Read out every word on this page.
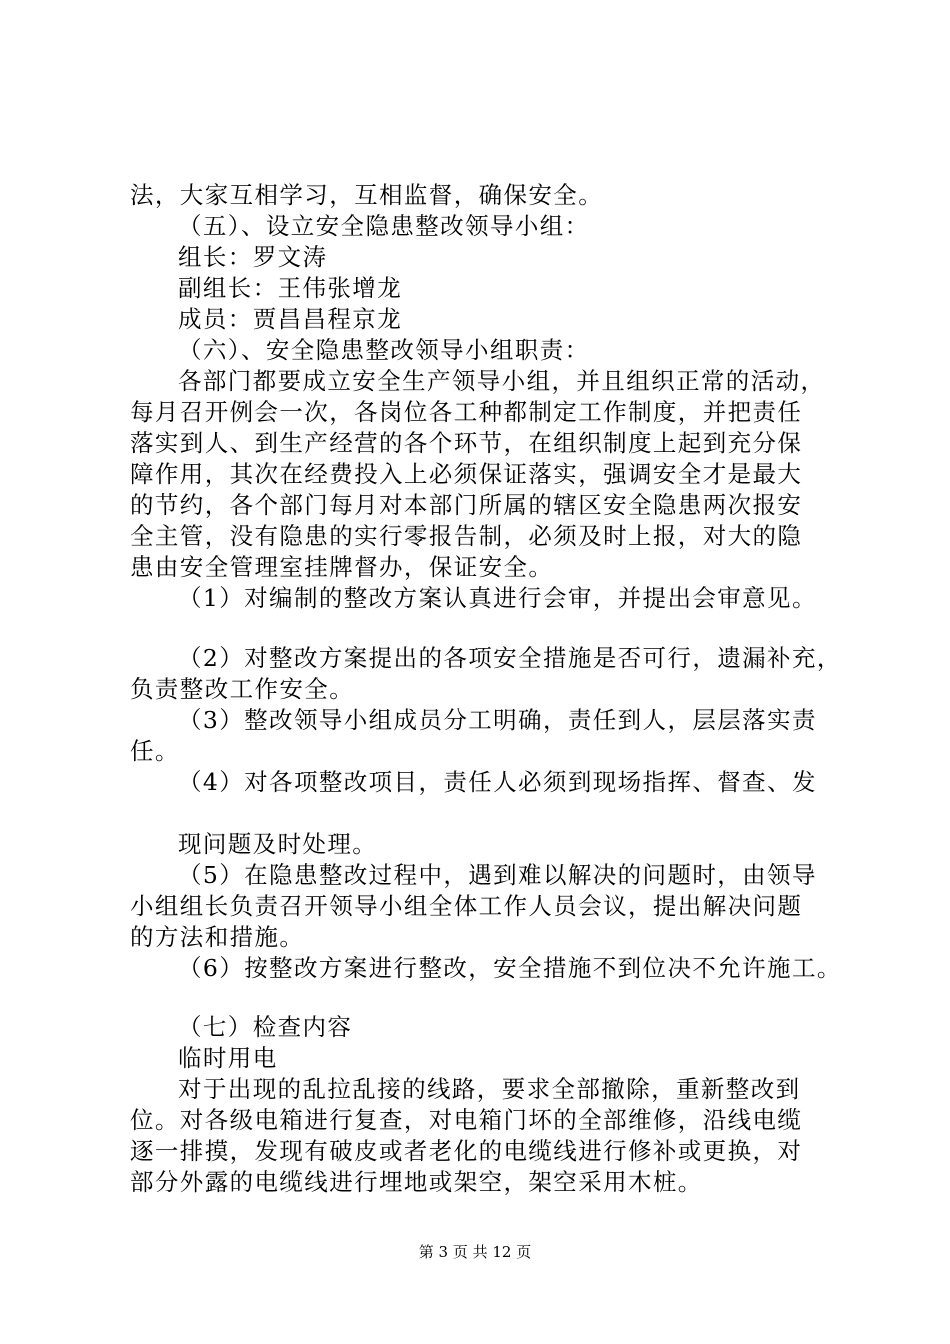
法，大家互相学习，互相监督，确保安全。

（五）、设立安全隐患整改领导小组：

组长：罗文涛

副组长：王伟张增龙

成员：贾昌昌程京龙

（六）、安全隐患整改领导小组职责：

各部门都要成立安全生产领导小组，并且组织正常的活动，

每月召开例会一次，各岗位各工种都制定工作制度，并把责任

落实到人、到生产经营的各个环节，在组织制度上起到充分保

障作用，其次在经费投入上必须保证落实，强调安全才是最大

的节约，各个部门每月对本部门所属的辖区安全隐患两次报安

全主管，没有隐患的实行零报告制，必须及时上报，对大的隐

患由安全管理室挂牌督办，保证安全。

（1）对编制的整改方案认真进行会审，并提出会审意见。

（2）对整改方案提出的各项安全措施是否可行，遗漏补充，

负责整改工作安全。

（3）整改领导小组成员分工明确，责任到人，层层落实责

任。

（4）对各项整改项目，责任人必须到现场指挥、督查、发

现问题及时处理。

（5）在隐患整改过程中，遇到难以解决的问题时，由领导

小组组长负责召开领导小组全体工作人员会议，提出解决问题

的方法和措施。

（6）按整改方案进行整改，安全措施不到位决不允许施工。

（七）检查内容

临时用电

对于出现的乱拉乱接的线路，要求全部撤除，重新整改到

位。对各级电箱进行复查，对电箱门坏的全部维修，沿线电缆

逐一排摸，发现有破皮或者老化的电缆线进行修补或更换，对

部分外露的电缆线进行埋地或架空，架空采用木桩。

第 3 页 共 12 页
